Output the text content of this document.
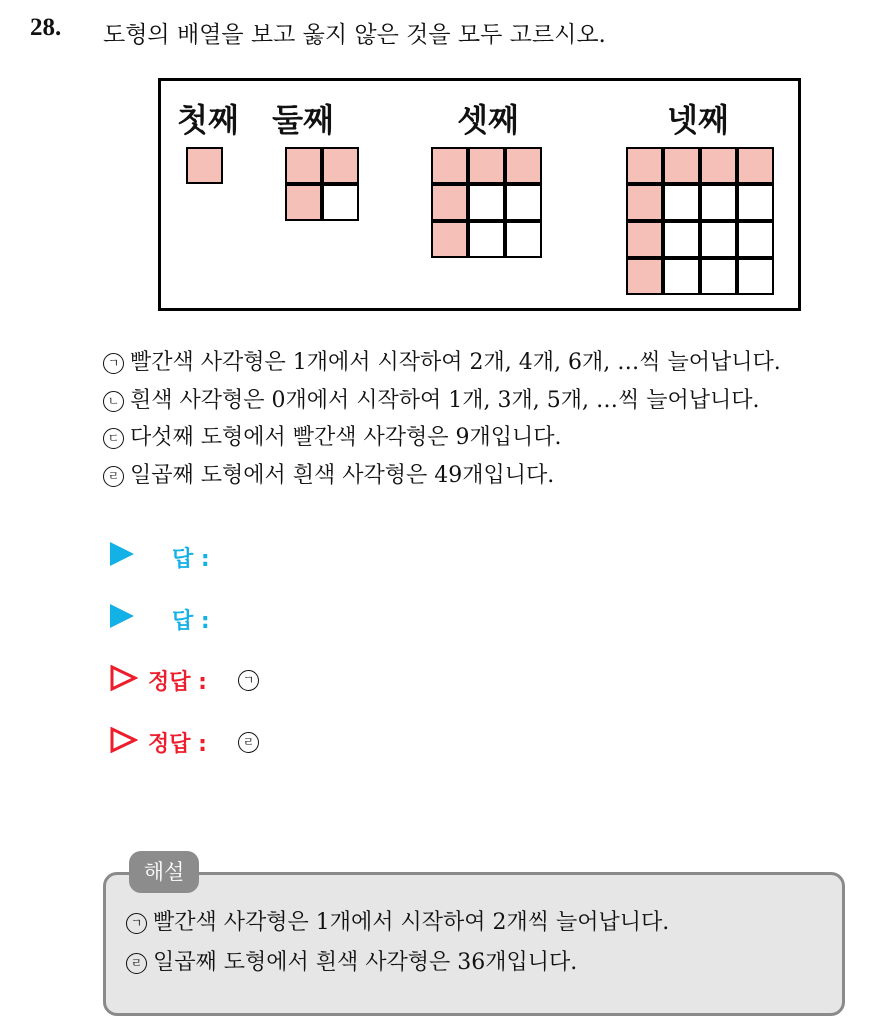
28. 도형의 배열을 보고 옳지 않은 것을 모두 고르시오.
첫째 둘째	셋째	넷째
ㄱ 빨간색 사각형은 1개에서 시작하여 2개, 4개, 6개, …씩 늘어납니다.
ㄴ 흰색 사각형은 0개에서 시작하여 1개, 3개, 5개, …씩 늘어납니다.
ㄷ 다섯째 도형에서 빨간색 사각형은 9개입니다.
ㄹ 일곱째 도형에서 흰색 사각형은 49개입니다.
답 :
답 :
정답 :	ㄱ
정답 :	ㄹ
해설
ㄱ 빨간색 사각형은 1개에서 시작하여 2개씩 늘어납니다.
ㄹ 일곱째 도형에서 흰색 사각형은 36개입니다.
